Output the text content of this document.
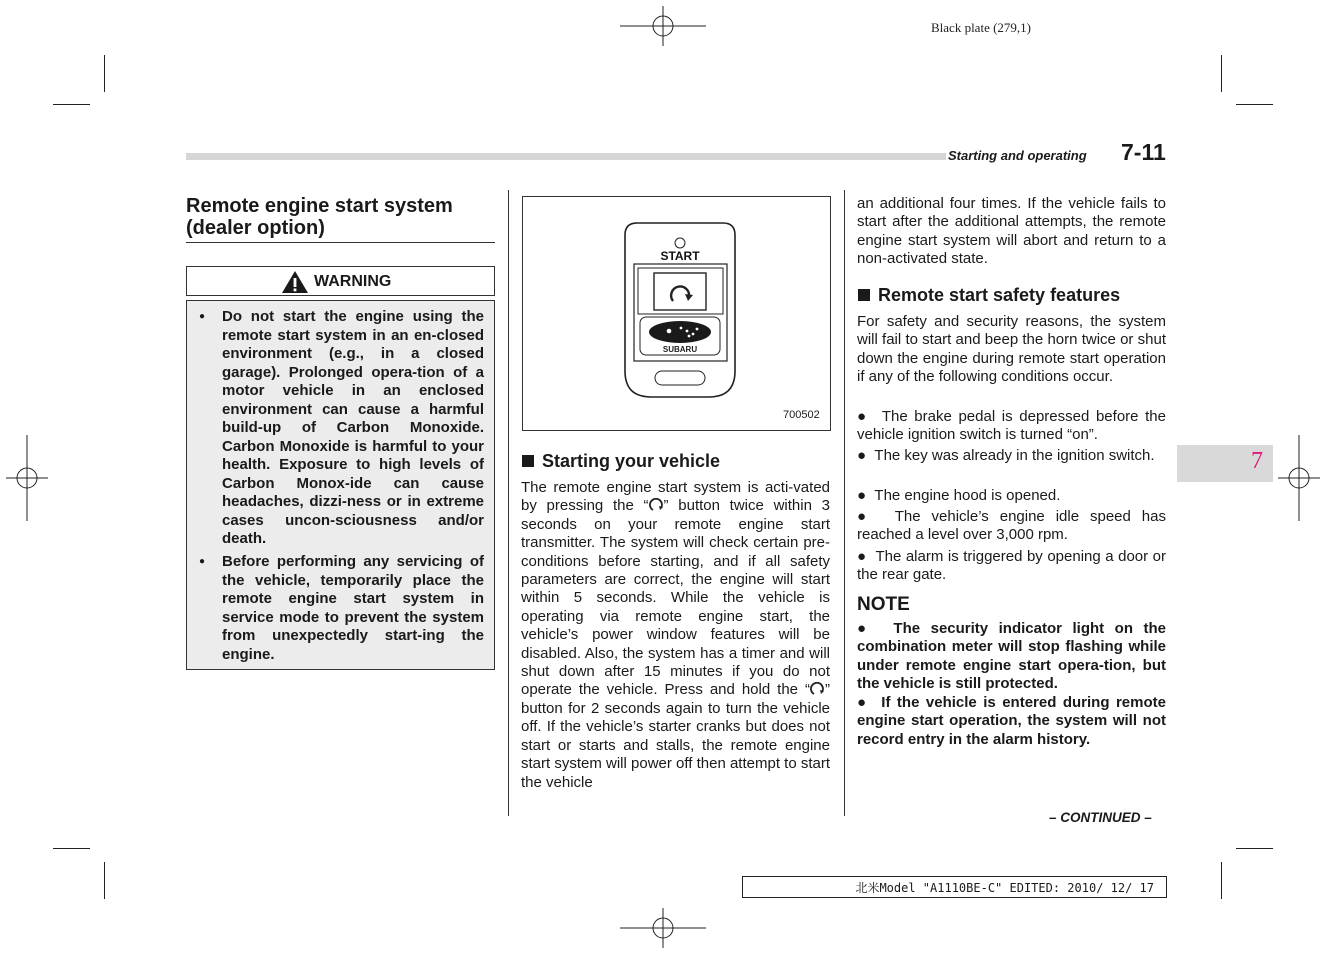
Black plate (279,1)
Starting and operating 7-11
7
Remote engine start system (dealer option)
WARNING
● Do not start the engine using the remote start system in an en-closed environment (e.g., in a closed garage). Prolonged opera-tion of a motor vehicle in an enclosed environment can cause a harmful build-up of Carbon Monoxide. Carbon Monoxide is harmful to your health. Exposure to high levels of Carbon Monox-ide can cause headaches, dizzi-ness or in extreme cases uncon-sciousness and/or death.
● Before performing any servicing of the vehicle, temporarily place the remote engine start system in service mode to prevent the system from unexpectedly start-ing the engine.
SUBARU
START
700502
Starting your vehicle
The remote engine start system is acti-vated by pressing the “ ” button twice within 3 seconds on your remote engine start transmitter. The system will check certain pre-conditions before starting, and if all safety parameters are correct, the engine will start within 5 seconds. While the vehicle is operating via remote engine start, the vehicle’s power window features will be disabled. Also, the system has a timer and will shut down after 15 minutes if you do not operate the vehicle. Press and hold the “ ” button for 2 seconds again to turn the vehicle off. If the vehicle’s starter cranks but does not start or starts and stalls, the remote engine start system will power off then attempt to start the vehicle
an additional four times. If the vehicle fails to start after the additional attempts, the remote engine start system will abort and return to a non-activated state.
Remote start safety features
For safety and security reasons, the system will fail to start and beep the horn twice or shut down the engine during remote start operation if any of the following conditions occur.
●  The brake pedal is depressed before the vehicle ignition switch is turned “on”.
●  The key was already in the ignition switch.
●  The engine hood is opened.
●  The vehicle’s engine idle speed has reached a level over 3,000 rpm.
●  The alarm is triggered by opening a door or the rear gate.
NOTE
●  The security indicator light on the combination meter will stop flashing while under remote engine start opera-tion, but the vehicle is still protected.
●  If the vehicle is entered during remote engine start operation, the system will not record entry in the alarm history.
– CONTINUED –
北米Model "A1110BE-C" EDITED: 2010/ 12/ 17
